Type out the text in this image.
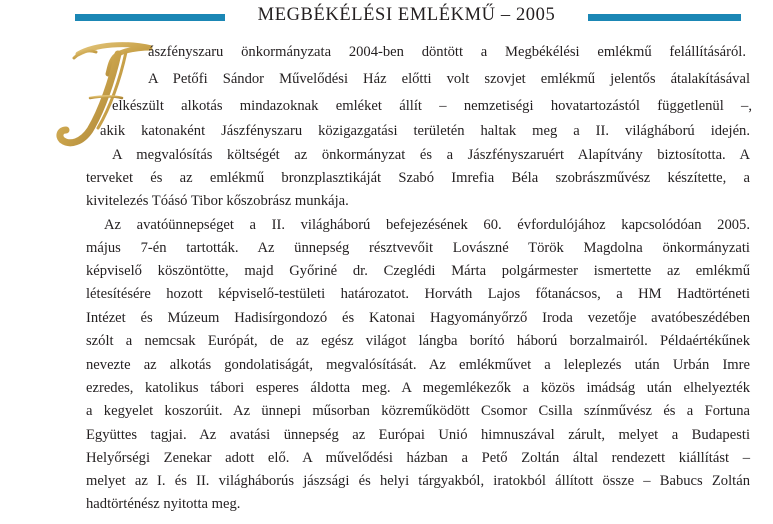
MEGBÉKÉLÉSI EMLÉKMŰ – 2005
ászfényszaru önkormányzata 2004-ben döntött a Megbékélési emlékmű felállításáról.
A Petőfi Sándor Művelődési Ház előtti volt szovjet emlékmű jelentős átalakításával
elkészült alkotás mindazoknak emléket állít – nemzetiségi hovatartozástól függetlenül –,
akik katonaként Jászfényszaru közigazgatási területén haltak meg a II. világháború idején.
A megvalósítás költségét az önkormányzat és a Jászfényszaruért Alapítvány biztosította. A
terveket és az emlékmű bronzplasztikáját Szabó Imrefia Béla szobrászművész készítette, a
kivitelezés Tóásó Tibor kőszobrász munkája.
Az avatóünnepséget a II. világháború befejezésének 60. évfordulójához kapcsolódóan 2005.
május 7-én tartották. Az ünnepség résztvevőit Lovászné Török Magdolna önkormányzati
képviselő köszöntötte, majd Győriné dr. Czeglédi Márta polgármester ismertette az emlékmű
létesítésére hozott képviselő-testületi határozatot. Horváth Lajos főtanácsos, a HM Hadtörténeti
Intézet és Múzeum Hadisírgondozó és Katonai Hagyományőrző Iroda vezetője avatóbeszédében
szólt a nemcsak Európát, de az egész világot lángba borító háború borzalmairól. Példaértékűnek
nevezte az alkotás gondolatiságát, megvalósítását. Az emlékművet a leleplezés után Urbán Imre
ezredes, katolikus tábori esperes áldotta meg. A megemlékezők a közös imádság után elhelyezték
a kegyelet koszorúit. Az ünnepi műsorban közreműködött Csomor Csilla színművész és a Fortuna
Együttes tagjai. Az avatási ünnepség az Európai Unió himnuszával zárult, melyet a Budapesti
Helyőrségi Zenekar adott elő. A művelődési házban a Pető Zoltán által rendezett kiállítást –
melyet az I. és II. világháborús jászsági és helyi tárgyakból, iratokból állított össze – Babucs Zoltán
hadtörténész nyitotta meg.
